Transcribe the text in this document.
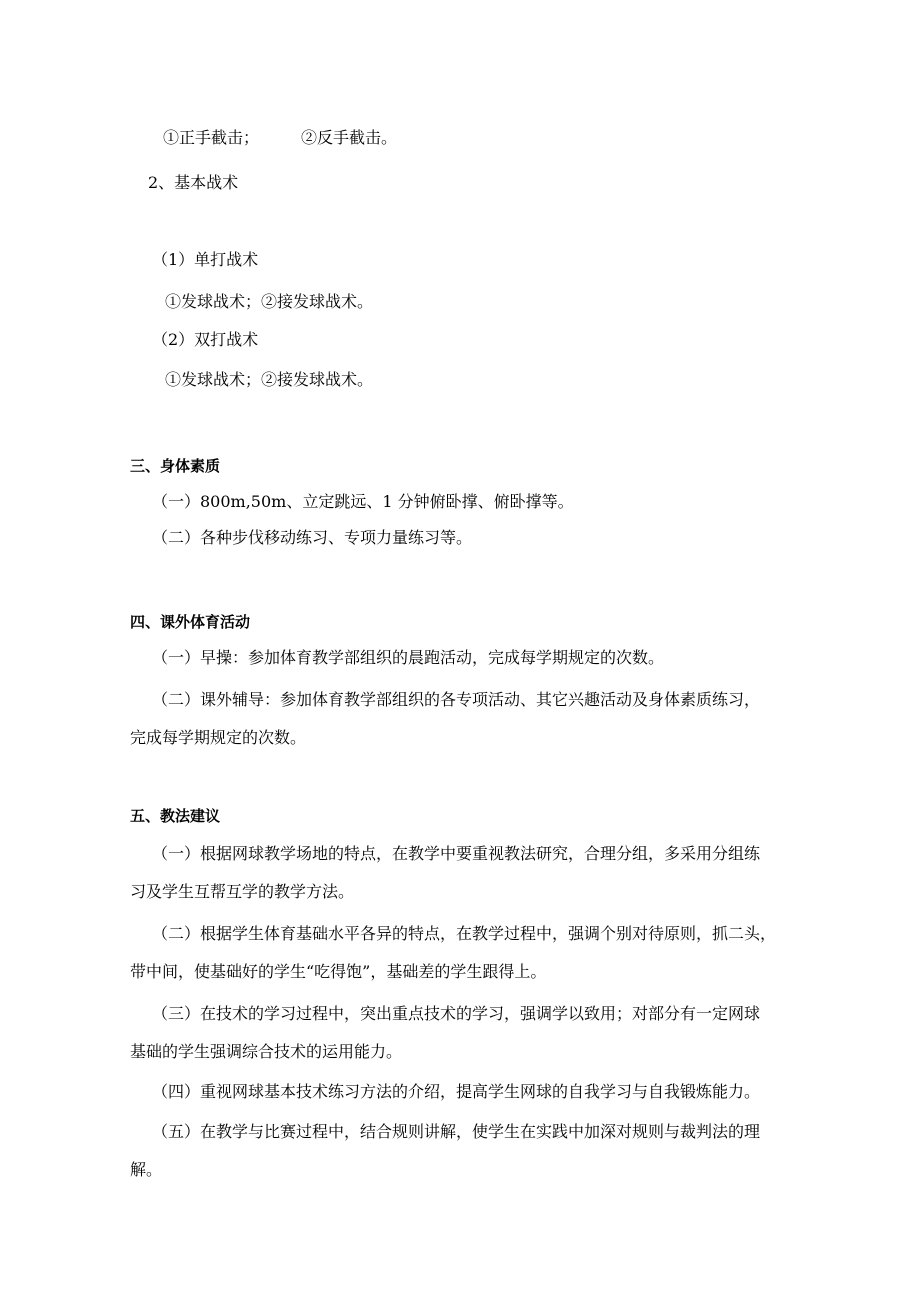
①正手截击；	②反手截击。
2、基本战术
（1）单打战术
①发球战术；②接发球战术。
（2）双打战术
①发球战术；②接发球战术。
三、身体素质
（一）800m,50m、立定跳远、1 分钟俯卧撑、俯卧撑等。
（二）各种步伐移动练习、专项力量练习等。
四、课外体育活动
（一）早操：参加体育教学部组织的晨跑活动，完成每学期规定的次数。
（二）课外辅导：参加体育教学部组织的各专项活动、其它兴趣活动及身体素质练习，
完成每学期规定的次数。
五、教法建议
（一）根据网球教学场地的特点，在教学中要重视教法研究，合理分组，多采用分组练
习及学生互帮互学的教学方法。
（二）根据学生体育基础水平各异的特点，在教学过程中，强调个别对待原则，抓二头，
带中间，使基础好的学生“吃得饱”，基础差的学生跟得上。
（三）在技术的学习过程中，突出重点技术的学习，强调学以致用；对部分有一定网球
基础的学生强调综合技术的运用能力。
（四）重视网球基本技术练习方法的介绍，提高学生网球的自我学习与自我锻炼能力。
（五）在教学与比赛过程中，结合规则讲解，使学生在实践中加深对规则与裁判法的理
解。
